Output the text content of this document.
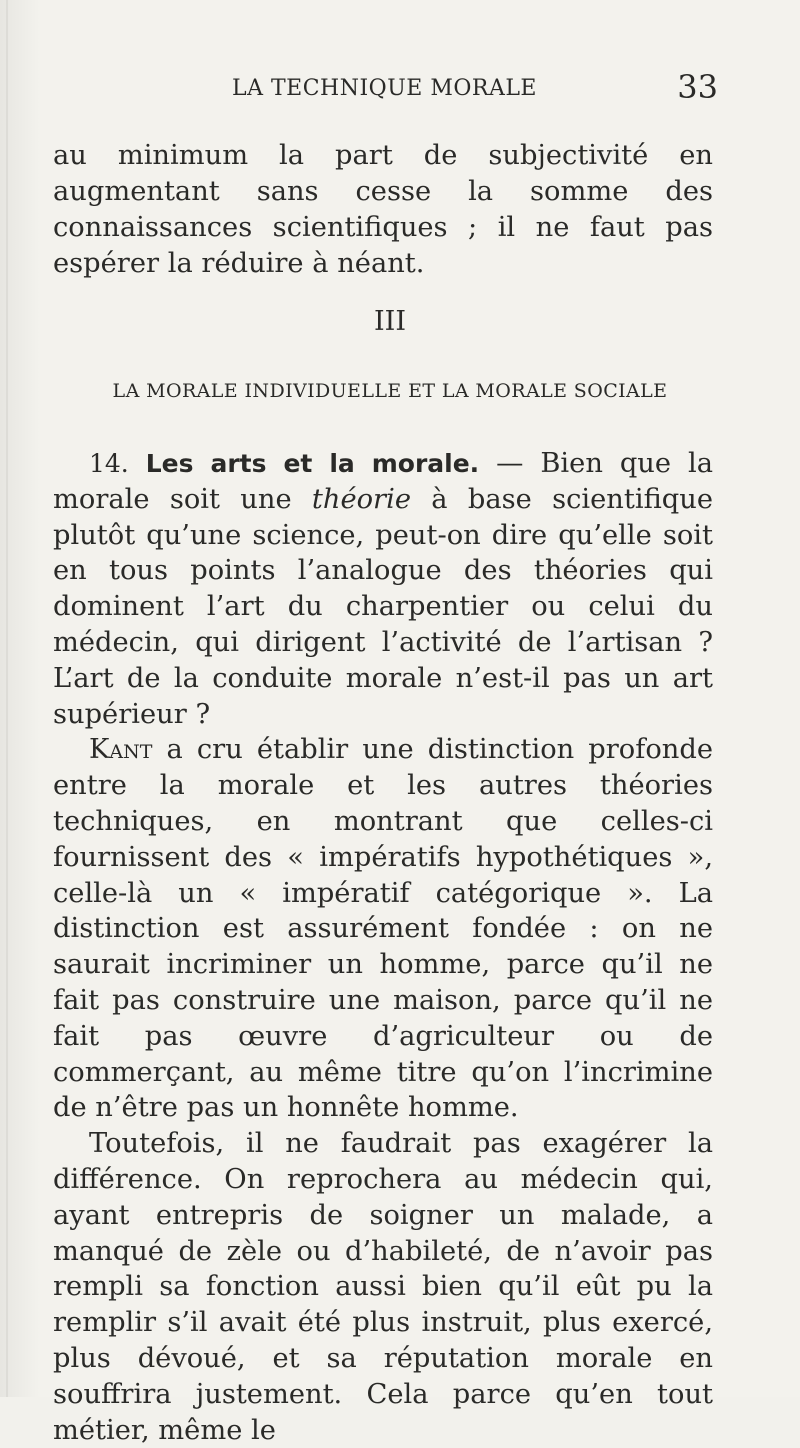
LA TECHNIQUE MORALE	33

au minimum la part de subjectivité en augmentant sans cesse la somme des connaissances scientifiques ; il ne faut pas espérer la réduire à néant.

III
LA MORALE INDIVIDUELLE ET LA MORALE SOCIALE

14. Les arts et la morale. — Bien que la morale soit une théorie à base scientifique plutôt qu’une science, peut-on dire qu’elle soit en tous points l’analogue des théories qui dominent l’art du charpentier ou celui du médecin, qui dirigent l’activité de l’artisan ? L’art de la conduite morale n’est-il pas un art supérieur ?

Kant a cru établir une distinction profonde entre la morale et les autres théories techniques, en montrant que celles-ci fournissent des « impératifs hypothétiques », celle-là un « impératif catégorique ». La distinction est assurément fondée : on ne saurait incriminer un homme, parce qu’il ne fait pas construire une maison, parce qu’il ne fait pas œuvre d’agriculteur ou de commerçant, au même titre qu’on l’incrimine de n’être pas un honnête homme.

Toutefois, il ne faudrait pas exagérer la différence. On reprochera au médecin qui, ayant entrepris de soigner un malade, a manqué de zèle ou d’habileté, de n’avoir pas rempli sa fonction aussi bien qu’il eût pu la remplir s’il avait été plus instruit, plus exercé, plus dévoué, et sa réputation morale en souffrira justement. Cela parce qu’en tout métier, même le
